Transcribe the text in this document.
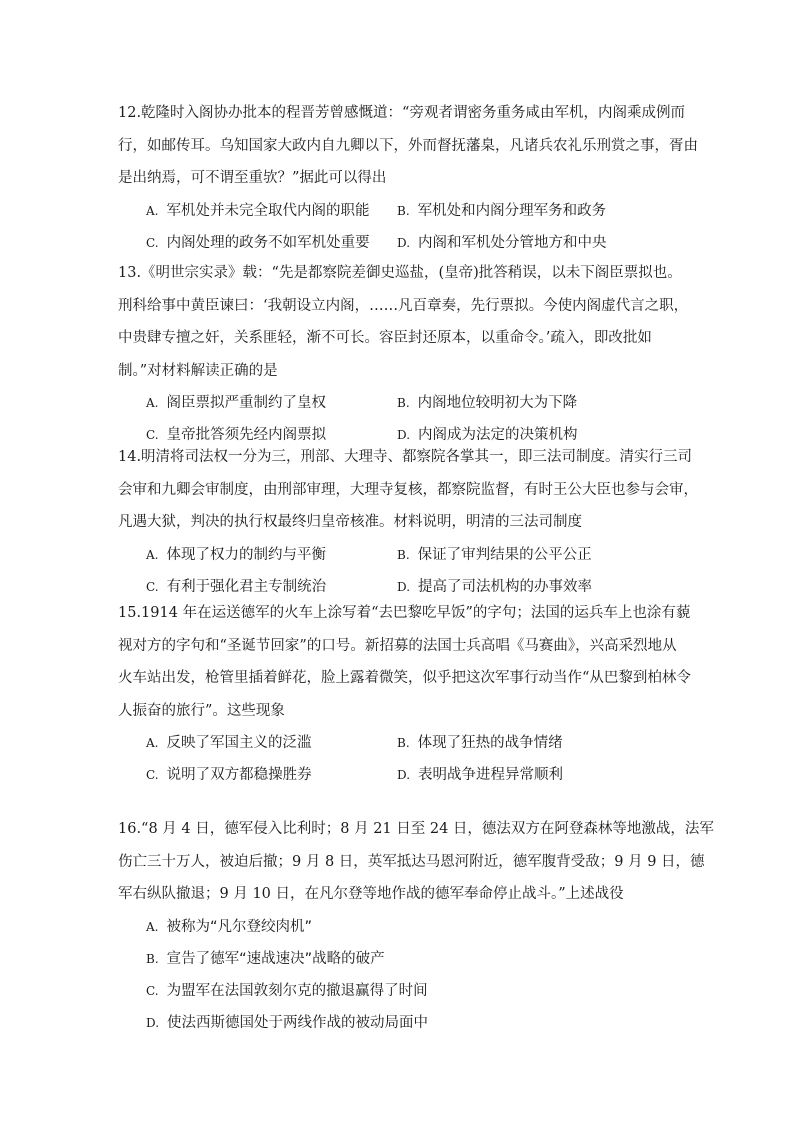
12.乾隆时入阁协办批本的程晋芳曾感慨道：“旁观者谓密务重务咸由军机，内阁乘成例而
行，如邮传耳。乌知国家大政内自九卿以下，外而督抚藩臬，凡诸兵农礼乐刑赏之事，胥由
是出纳焉，可不谓至重欤？”据此可以得出
A. 军机处并未完全取代内阁的职能 B. 军机处和内阁分理军务和政务
C. 内阁处理的政务不如军机处重要 D. 内阁和军机处分管地方和中央
13.《明世宗实录》载：“先是都察院差御史巡盐，(皇帝)批答稍误，以未下阁臣票拟也。
刑科给事中黄臣谏曰：‘我朝设立内阁，……凡百章奏，先行票拟。今使内阁虚代言之职，
中贵肆专擅之奸，关系匪轻，渐不可长。容臣封还原本，以重命令。’疏入，即改批如
制。”对材料解读正确的是
A. 阁臣票拟严重制约了皇权	B. 内阁地位较明初大为下降
C. 皇帝批答须先经内阁票拟	D. 内阁成为法定的决策机构
14.明清将司法权一分为三，刑部、大理寺、都察院各掌其一，即三法司制度。清实行三司
会审和九卿会审制度，由刑部审理，大理寺复核，都察院监督，有时王公大臣也参与会审，
凡遇大狱，判决的执行权最终归皇帝核准。材料说明，明清的三法司制度
A. 体现了权力的制约与平衡	B. 保证了审判结果的公平公正
C. 有利于强化君主专制统治	D. 提高了司法机构的办事效率
15.1914 年在运送德军的火车上涂写着“去巴黎吃早饭”的字句；法国的运兵车上也涂有藐
视对方的字句和“圣诞节回家”的口号。新招募的法国士兵高唱《马赛曲》，兴高采烈地从
火车站出发，枪管里插着鲜花，脸上露着微笑，似乎把这次军事行动当作“从巴黎到柏林令
人振奋的旅行”。这些现象
A. 反映了军国主义的泛滥	B. 体现了狂热的战争情绪
C. 说明了双方都稳操胜券	D. 表明战争进程异常顺利
16.“8 月 4 日，德军侵入比利时；8 月 21 日至 24 日，德法双方在阿登森林等地激战，法军
伤亡三十万人，被迫后撤；9 月 8 日，英军抵达马恩河附近，德军腹背受敌；9 月 9 日，德
军右纵队撤退；9 月 10 日，在凡尔登等地作战的德军奉命停止战斗。”上述战役
A. 被称为“凡尔登绞肉机”
B. 宣告了德军“速战速决”战略的破产
C. 为盟军在法国敦刻尔克的撤退赢得了时间
D. 使法西斯德国处于两线作战的被动局面中
